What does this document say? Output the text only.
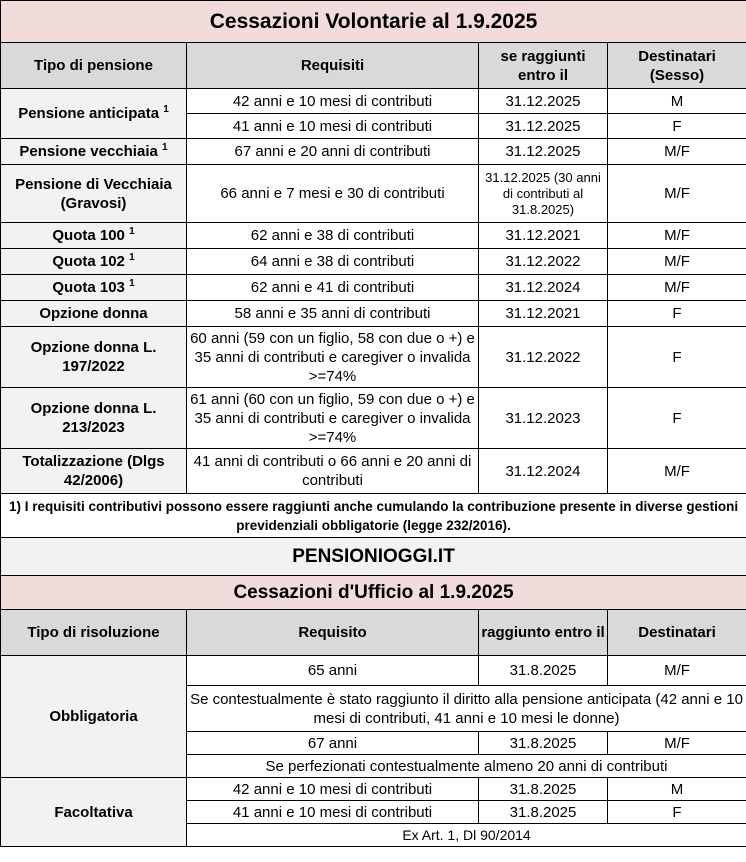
Cessazioni Volontarie al 1.9.2025			
Tipo di pensione	Requisiti	se raggiunti entro il	Destinatari (Sesso)
Pensione anticipata $^1$	42 anni e 10 mesi di contributi	31.12.2025	M
	41 anni e 10 mesi di contributi	31.12.2025	F
Pensione vecchiaia $^1$	67 anni e 20 anni di contributi	31.12.2025	M/F
Pensione di Vecchiaia (Gravosi)	66 anni e 7 mesi e 30 di contributi	31.12.2025 (30 anni di contributi al 31.8.2025)	M/F
Quota 100 $^1$	62 anni e 38 di contributi	31.12.2021	M/F
Quota 102 $^1$	64 anni e 38 di contributi	31.12.2022	M/F
Quota 103 $^1$	62 anni e 41 di contributi	31.12.2024	M/F
Opzione donna	58 anni e 35 anni di contributi	31.12.2021	F
Opzione donna L. 197/2022	60 anni (59 con un figlio, 58 con due o +) e 35 anni di contributi e caregiver o invalida >=74%	31.12.2022	F
Opzione donna L. 213/2023	61 anni (60 con un figlio, 59 con due o +) e 35 anni di contributi e caregiver o invalida >=74%	31.12.2023	F
Totalizzazione (Dlgs 42/2006)	41 anni di contributi o 66 anni e 20 anni di contributi	31.12.2024	M/F
1) I requisiti contributivi possono essere raggiunti anche cumulando la contribuzione presente in diverse gestioni previdenziali obbligatorie (legge 232/2016).			
PENSIONIOGGI.IT			
Cessazioni d'Ufficio al 1.9.2025			
Tipo di risoluzione	Requisito	raggiunto entro il	Destinatari
Obbligatoria	65 anni	31.8.2025	M/F
	Se contestualmente è stato raggiunto il diritto alla pensione anticipata (42 anni e 10 mesi di contributi, 41 anni e 10 mesi le donne)		
	67 anni	31.8.2025	M/F
	Se perfezionati contestualmente almeno 20 anni di contributi		
Facoltativa	42 anni e 10 mesi di contributi	31.8.2025	M
	41 anni e 10 mesi di contributi	31.8.2025	F
	Ex Art. 1, Dl 90/2014		
